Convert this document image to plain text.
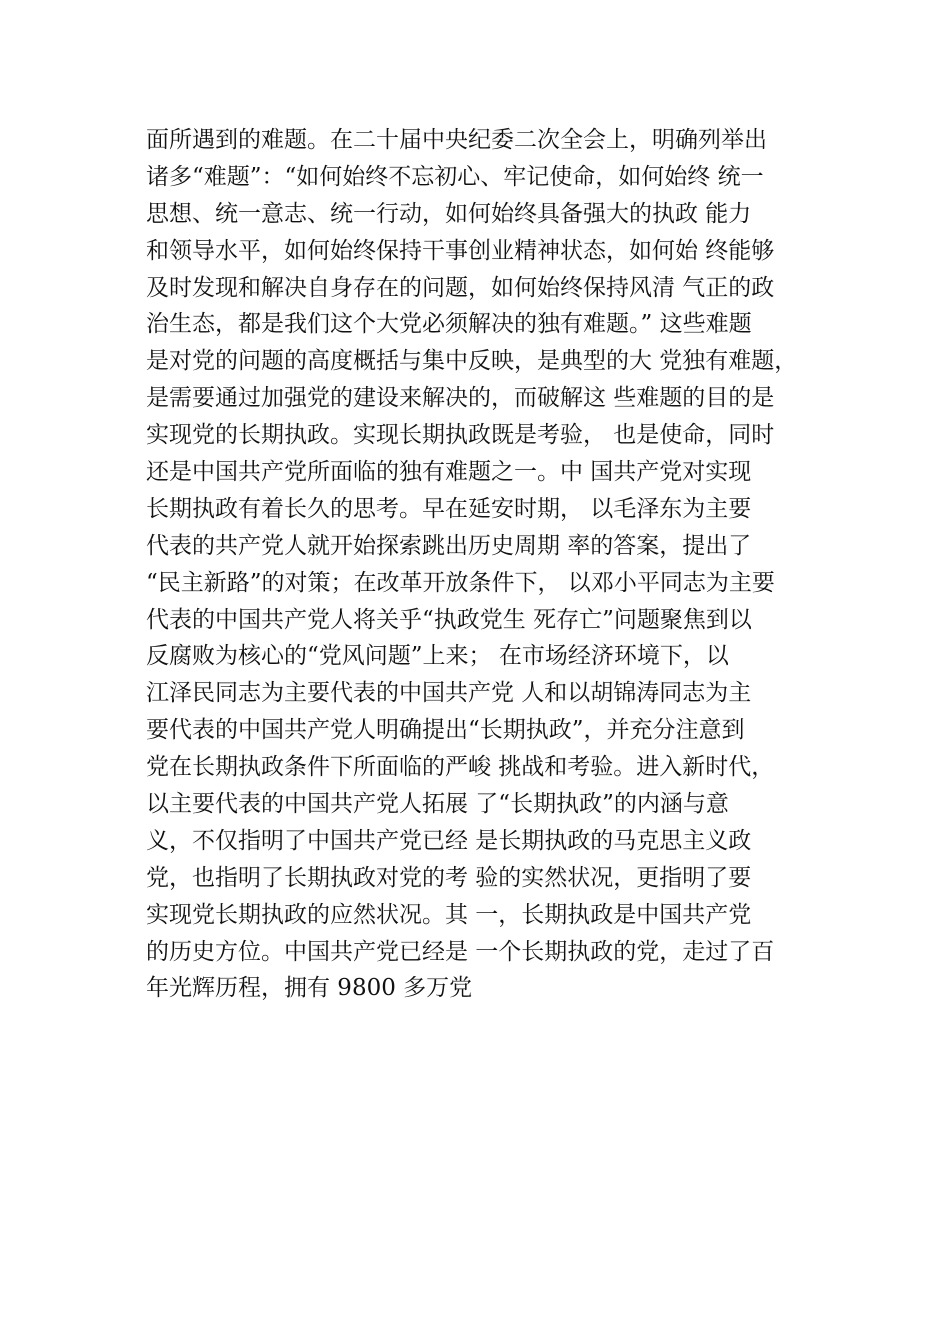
面所遇到的难题。在二十届中央纪委二次全会上，明确列举出
诸多“难题”：“如何始终不忘初心、牢记使命，如何始终 统一
思想、统一意志、统一行动，如何始终具备强大的执政 能力
和领导水平，如何始终保持干事创业精神状态，如何始 终能够
及时发现和解决自身存在的问题，如何始终保持风清 气正的政
治生态，都是我们这个大党必须解决的独有难题。” 这些难题
是对党的问题的高度概括与集中反映，是典型的大 党独有难题，
是需要通过加强党的建设来解决的，而破解这 些难题的目的是
实现党的长期执政。实现长期执政既是考验， 也是使命，同时
还是中国共产党所面临的独有难题之一。中 国共产党对实现
长期执政有着长久的思考。早在延安时期， 以毛泽东为主要
代表的共产党人就开始探索跳出历史周期 率的答案，提出了
“民主新路”的对策；在改革开放条件下， 以邓小平同志为主要
代表的中国共产党人将关乎“执政党生 死存亡”问题聚焦到以
反腐败为核心的“党风问题”上来； 在市场经济环境下，以
江泽民同志为主要代表的中国共产党 人和以胡锦涛同志为主
要代表的中国共产党人明确提出“长期执政”，并充分注意到
党在长期执政条件下所面临的严峻 挑战和考验。进入新时代，
以主要代表的中国共产党人拓展 了“长期执政”的内涵与意
义，不仅指明了中国共产党已经 是长期执政的马克思主义政
党，也指明了长期执政对党的考 验的实然状况，更指明了要
实现党长期执政的应然状况。其 一，长期执政是中国共产党
的历史方位。中国共产党已经是 一个长期执政的党，走过了百
年光辉历程，拥有 9800 多万党
